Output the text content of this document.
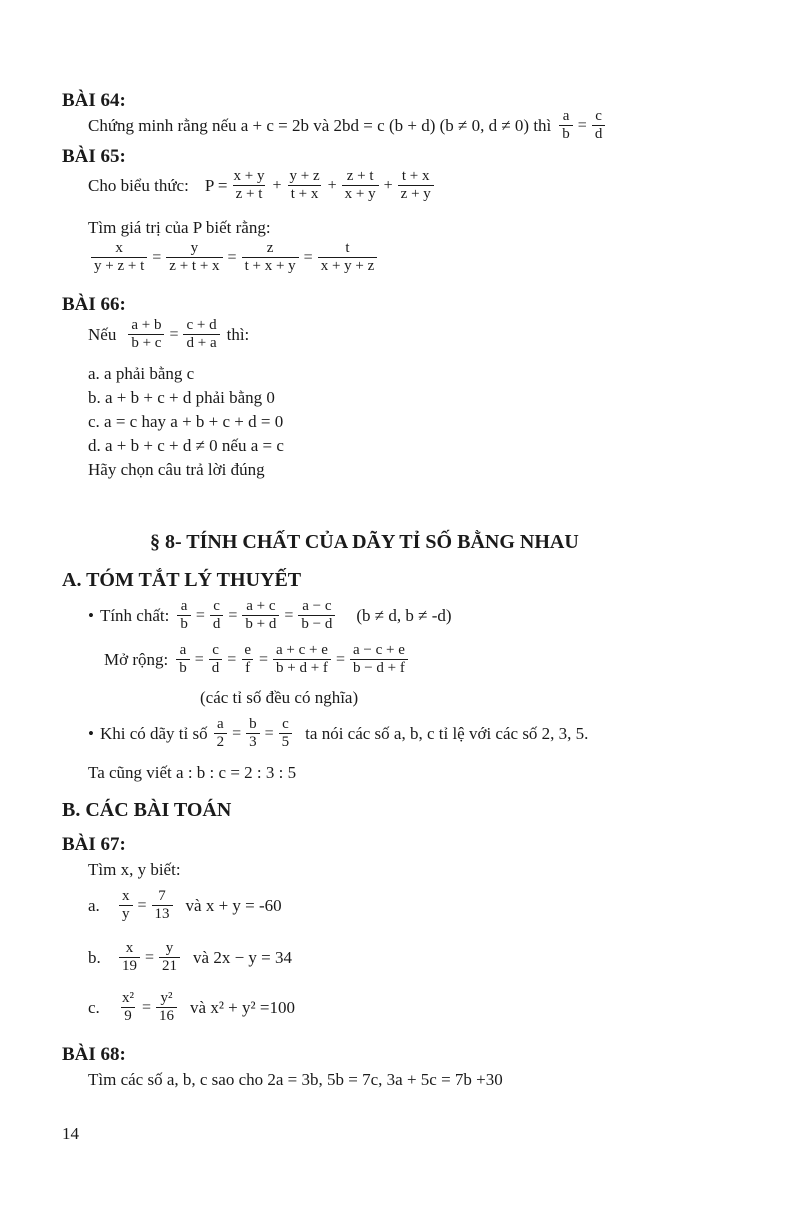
BÀI 64:
Chứng minh rằng nếu a + c = 2b và 2bd = c (b + d) (b ≠ 0, d ≠ 0) thì $\frac{a}{b} = \frac{c}{d}$
BÀI 65:
Cho biểu thức: $P = \frac{x + y}{z + t} + \frac{y + z}{t + x} + \frac{z + t}{x + y} + \frac{t + x}{z + y}$
Tìm giá trị của P biết rằng:
$\frac{x}{y + z + t} = \frac{y}{z + t + x} = \frac{z}{t + x + y} = \frac{t}{x + y + z}$
BÀI 66:
Nếu $\frac{a + b}{b + c} = \frac{c + d}{d + a}$ thì:
a. a phải bằng c
b. a + b + c + d phải bằng 0
c. a = c hay a + b + c + d = 0
d. a + b + c + d ≠ 0 nếu a = c
Hãy chọn câu trả lời đúng
§ 8- TÍNH CHẤT CỦA DÃY TỈ SỐ BẰNG NHAU
A. TÓM TẮT LÝ THUYẾT
• Tính chất: $\frac{a}{b} = \frac{c}{d} = \frac{a + c}{b + d} = \frac{a - c}{b - d} (b \ne d$, b ≠ -d)
Mở rộng: $\frac{a}{b} = \frac{c}{d} = \frac{e}{f} = \frac{a + c + e}{b + d + f} = \frac{a - c + e}{b - d + f}$
(các tỉ số đều có nghĩa)
• Khi có dãy tỉ số $\frac{a}{2} = \frac{b}{3} = \frac{c}{5}$ ta nói các số a, b, c tỉ lệ với các số 2, 3, 5.
Ta cũng viết a : b : c = 2 : 3 : 5
B. CÁC BÀI TOÁN
BÀI 67:
Tìm x, y biết:
a.	$\frac{x}{y} = \frac{7}{13}$ và x + y = -60
b.	$\frac{x}{19} = \frac{y}{21}$ và 2x − y = 34
c.	$\frac{\text{x²}}{9} = \frac{\text{y²}}{16}$ và x² + y² =100
BÀI 68:
Tìm các số a, b, c sao cho 2a = 3b, 5b = 7c, 3a + 5c = 7b +30
14
